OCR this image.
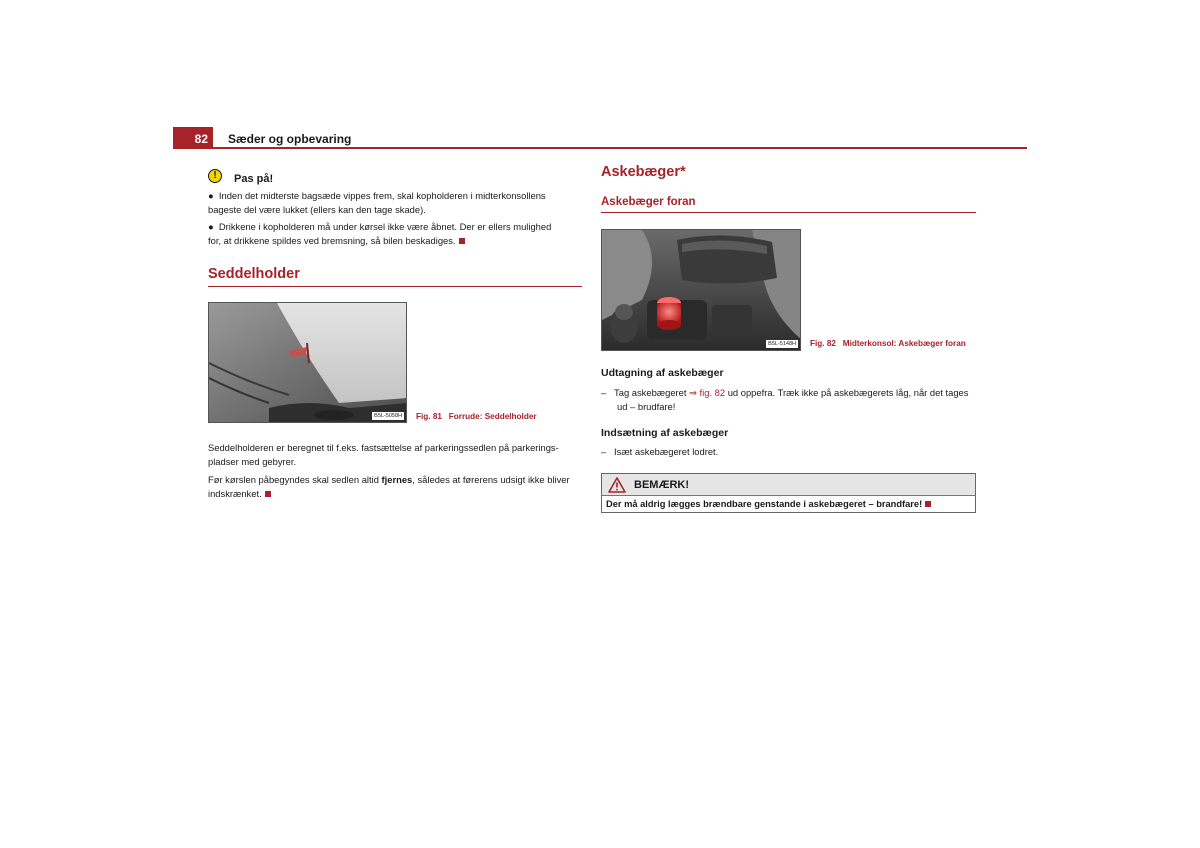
82	Sæder og opbevaring
!	Pas på!
●  Inden det midterste bagsæde vippes frem, skal kopholderen i midterkonsollens
bageste del være lukket (ellers kan den tage skade).
●  Drikkene i kopholderen må under kørsel ikke være åbnet. Der er ellers mulighed
for, at drikkene spildes ved bremsning, så bilen beskadiges.
Seddelholder
B5L-5058H Fig. 81 Forrude: Seddelholder
Seddelholderen er beregnet til f.eks. fastsættelse af parkeringssedlen på parkerings-
pladser med gebyrer.
Før kørslen påbegyndes skal sedlen altid fjernes, således at førerens udsigt ikke bliver
indskrænket.
Askebæger*
Askebæger foran
B5L-5148H Fig. 82 Midterkonsol: Askebæger foran
Udtagning af askebæger
– Tag askebægeret ⇒ fig. 82 ud oppefra. Træk ikke på askebægerets låg, når det tages
ud – brudfare!
Indsætning af askebæger
– Isæt askebægeret lodret.
BEMÆRK!
Der må aldrig lægges brændbare genstande i askebægeret – brandfare!
